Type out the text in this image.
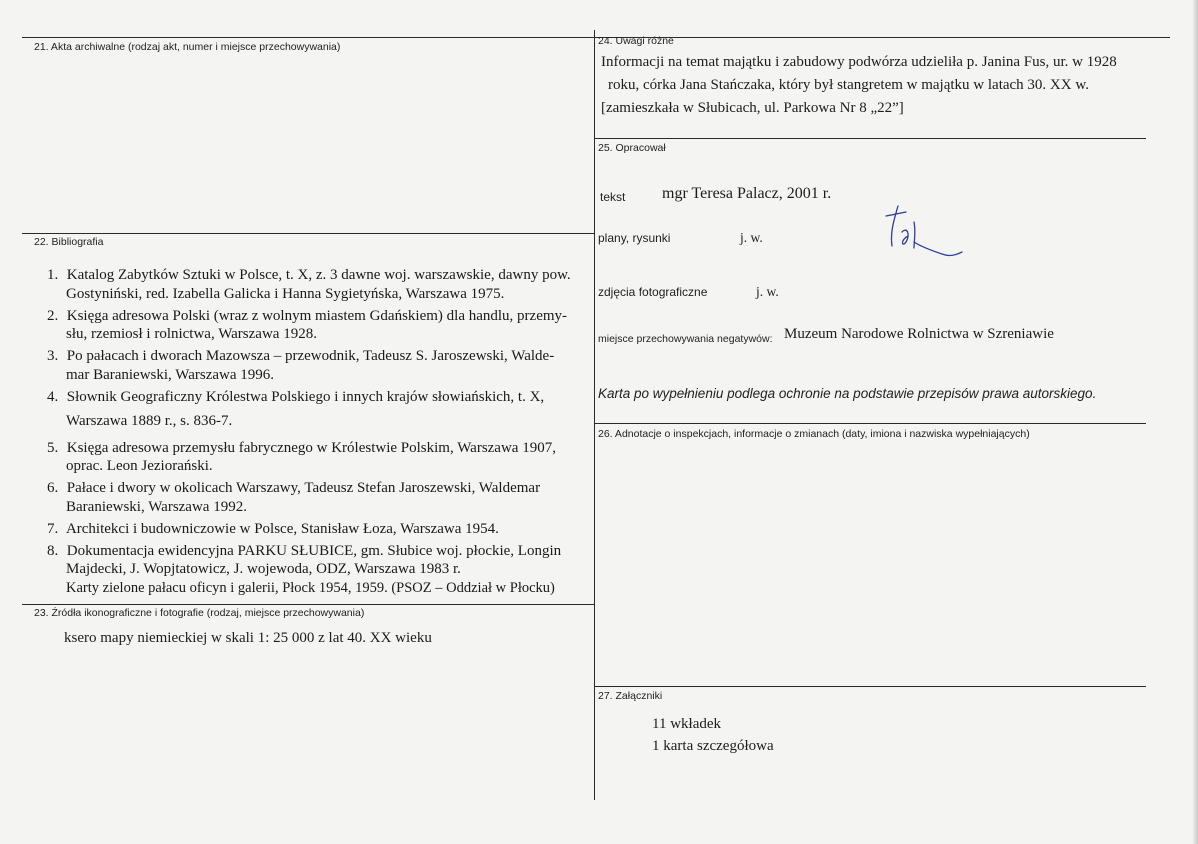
21. Akta archiwalne (rodzaj akt, numer i miejsce przechowywania)
22. Bibliografia
1. Katalog Zabytków Sztuki w Polsce, t. X, z. 3 dawne woj. warszawskie, dawny pow.
Gostyniński, red. Izabella Galicka i Hanna Sygietyńska, Warszawa 1975.
2. Księga adresowa Polski (wraz z wolnym miastem Gdańskiem) dla handlu, przemy-
słu, rzemiosł i rolnictwa, Warszawa 1928.
3. Po pałacach i dworach Mazowsza – przewodnik, Tadeusz S. Jaroszewski, Walde-
mar Baraniewski, Warszawa 1996.
4. Słownik Geograficzny Królestwa Polskiego i innych krajów słowiańskich, t. X,
Warszawa 1889 r., s. 836-7.
5. Księga adresowa przemysłu fabrycznego w Królestwie Polskim, Warszawa 1907,
oprac. Leon Jeziorański.
6. Pałace i dwory w okolicach Warszawy, Tadeusz Stefan Jaroszewski, Waldemar
Baraniewski, Warszawa 1992.
7. Architekci i budowniczowie w Polsce, Stanisław Łoza, Warszawa 1954.
8. Dokumentacja ewidencyjna PARKU SŁUBICE, gm. Słubice woj. płockie, Longin
Majdecki, J. Wopjtatowicz, J. wojewoda, ODZ, Warszawa 1983 r.
Karty zielone pałacu oficyn i galerii, Płock 1954, 1959. (PSOZ – Oddział w Płocku)
23. Źródła ikonograficzne i fotografie (rodzaj, miejsce przechowywania)
ksero mapy niemieckiej w skali 1: 25 000 z lat 40. XX wieku
24. Uwagi różne
Informacji na temat majątku i zabudowy podwórza udzieliła p. Janina Fus, ur. w 1928
roku, córka Jana Stańczaka, który był stangretem w majątku w latach 30. XX w.
[zamieszkała w Słubicach, ul. Parkowa Nr 8 „22”]
25. Opracował
tekst mgr Teresa Palacz, 2001 r.
plany, rysunki	j. w.
zdjęcia fotograficzne	j. w.
miejsce przechowywania negatywów: Muzeum Narodowe Rolnictwa w Szreniawie
Karta po wypełnieniu podlega ochronie na podstawie przepisów prawa autorskiego.
26. Adnotacje o inspekcjach, informacje o zmianach (daty, imiona i nazwiska wypełniających)
27. Załączniki
11 wkładek
1 karta szczegółowa
